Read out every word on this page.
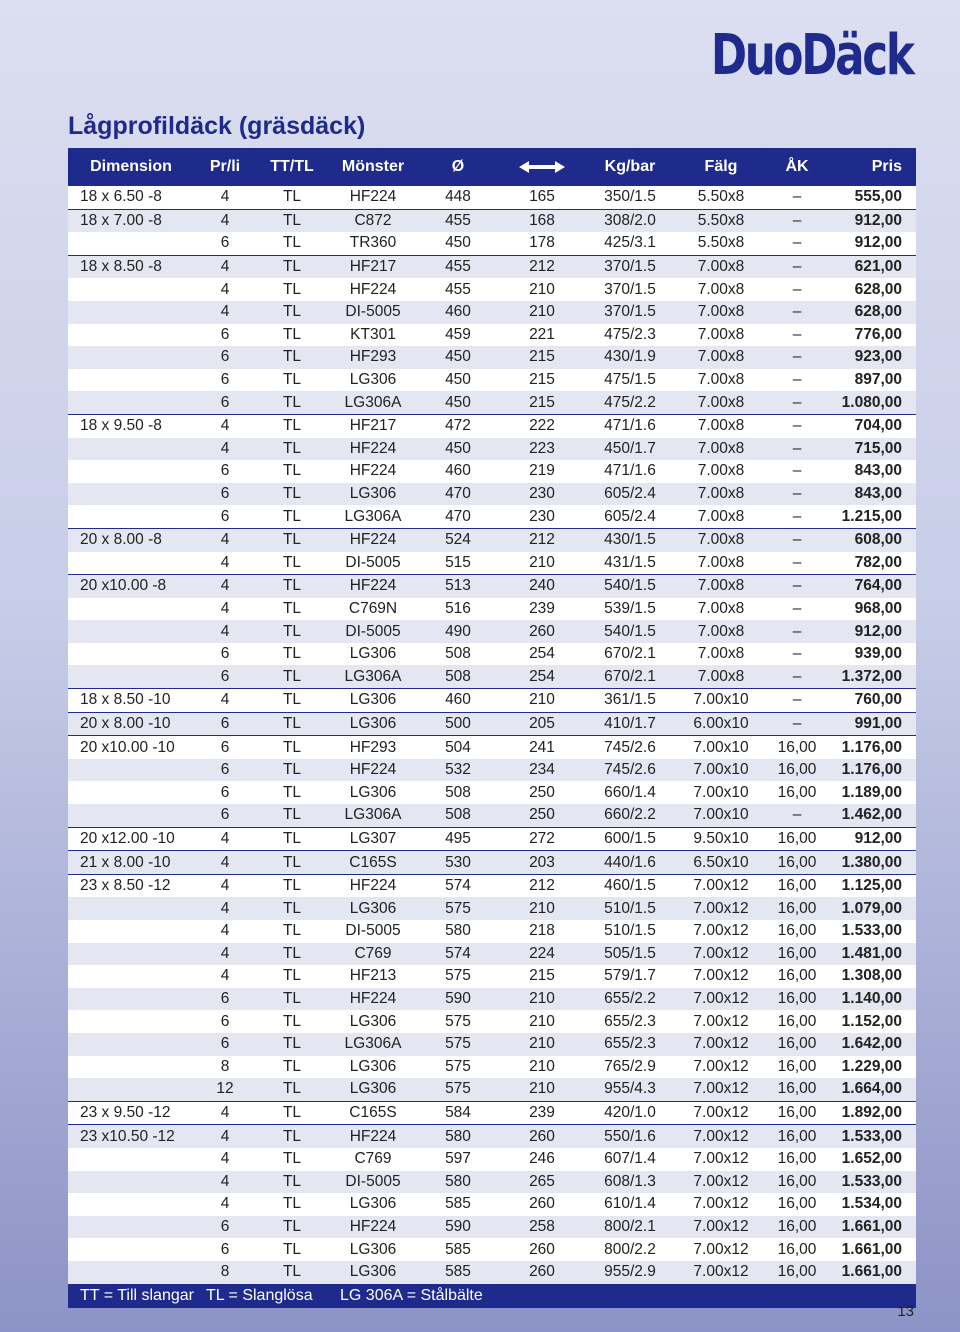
DuoDäck
Lågprofildäck (gräsdäck)
Dimension	Pr/li	TT/TL	Mönster	Ø		Kg/bar	Fälg	ÅK	Pris
18 x 6.50 -8	4	TL	HF224	448	165	350/1.5	5.50x8	–	555,00
18 x 7.00 -8	4	TL	C872	455	168	308/2.0	5.50x8	–	912,00
	6	TL	TR360	450	178	425/3.1	5.50x8	–	912,00
18 x 8.50 -8	4	TL	HF217	455	212	370/1.5	7.00x8	–	621,00
	4	TL	HF224	455	210	370/1.5	7.00x8	–	628,00
	4	TL	DI-5005	460	210	370/1.5	7.00x8	–	628,00
	6	TL	KT301	459	221	475/2.3	7.00x8	–	776,00
	6	TL	HF293	450	215	430/1.9	7.00x8	–	923,00
	6	TL	LG306	450	215	475/1.5	7.00x8	–	897,00
	6	TL	LG306A	450	215	475/2.2	7.00x8	–	1.080,00
18 x 9.50 -8	4	TL	HF217	472	222	471/1.6	7.00x8	–	704,00
	4	TL	HF224	450	223	450/1.7	7.00x8	–	715,00
	6	TL	HF224	460	219	471/1.6	7.00x8	–	843,00
	6	TL	LG306	470	230	605/2.4	7.00x8	–	843,00
	6	TL	LG306A	470	230	605/2.4	7.00x8	–	1.215,00
20 x 8.00 -8	4	TL	HF224	524	212	430/1.5	7.00x8	–	608,00
	4	TL	DI-5005	515	210	431/1.5	7.00x8	–	782,00
20 x10.00 -8	4	TL	HF224	513	240	540/1.5	7.00x8	–	764,00
	4	TL	C769N	516	239	539/1.5	7.00x8	–	968,00
	4	TL	DI-5005	490	260	540/1.5	7.00x8	–	912,00
	6	TL	LG306	508	254	670/2.1	7.00x8	–	939,00
	6	TL	LG306A	508	254	670/2.1	7.00x8	–	1.372,00
18 x 8.50 -10	4	TL	LG306	460	210	361/1.5	7.00x10	–	760,00
20 x 8.00 -10	6	TL	LG306	500	205	410/1.7	6.00x10	–	991,00
20 x10.00 -10	6	TL	HF293	504	241	745/2.6	7.00x10	16,00	1.176,00
	6	TL	HF224	532	234	745/2.6	7.00x10	16,00	1.176,00
	6	TL	LG306	508	250	660/1.4	7.00x10	16,00	1.189,00
	6	TL	LG306A	508	250	660/2.2	7.00x10	–	1.462,00
20 x12.00 -10	4	TL	LG307	495	272	600/1.5	9.50x10	16,00	912,00
21 x 8.00 -10	4	TL	C165S	530	203	440/1.6	6.50x10	16,00	1.380,00
23 x 8.50 -12	4	TL	HF224	574	212	460/1.5	7.00x12	16,00	1.125,00
	4	TL	LG306	575	210	510/1.5	7.00x12	16,00	1.079,00
	4	TL	DI-5005	580	218	510/1.5	7.00x12	16,00	1.533,00
	4	TL	C769	574	224	505/1.5	7.00x12	16,00	1.481,00
	4	TL	HF213	575	215	579/1.7	7.00x12	16,00	1.308,00
	6	TL	HF224	590	210	655/2.2	7.00x12	16,00	1.140,00
	6	TL	LG306	575	210	655/2.3	7.00x12	16,00	1.152,00
	6	TL	LG306A	575	210	655/2.3	7.00x12	16,00	1.642,00
	8	TL	LG306	575	210	765/2.9	7.00x12	16,00	1.229,00
	12	TL	LG306	575	210	955/4.3	7.00x12	16,00	1.664,00
23 x 9.50 -12	4	TL	C165S	584	239	420/1.0	7.00x12	16,00	1.892,00
23 x10.50 -12	4	TL	HF224	580	260	550/1.6	7.00x12	16,00	1.533,00
	4	TL	C769	597	246	607/1.4	7.00x12	16,00	1.652,00
	4	TL	DI-5005	580	265	608/1.3	7.00x12	16,00	1.533,00
	4	TL	LG306	585	260	610/1.4	7.00x12	16,00	1.534,00
	6	TL	HF224	590	258	800/2.1	7.00x12	16,00	1.661,00
	6	TL	LG306	585	260	800/2.2	7.00x12	16,00	1.661,00
	8	TL	LG306	585	260	955/2.9	7.00x12	16,00	1.661,00

TT = Till slangar TL = Slanglösa LG 306A = Stålbälte									
13
